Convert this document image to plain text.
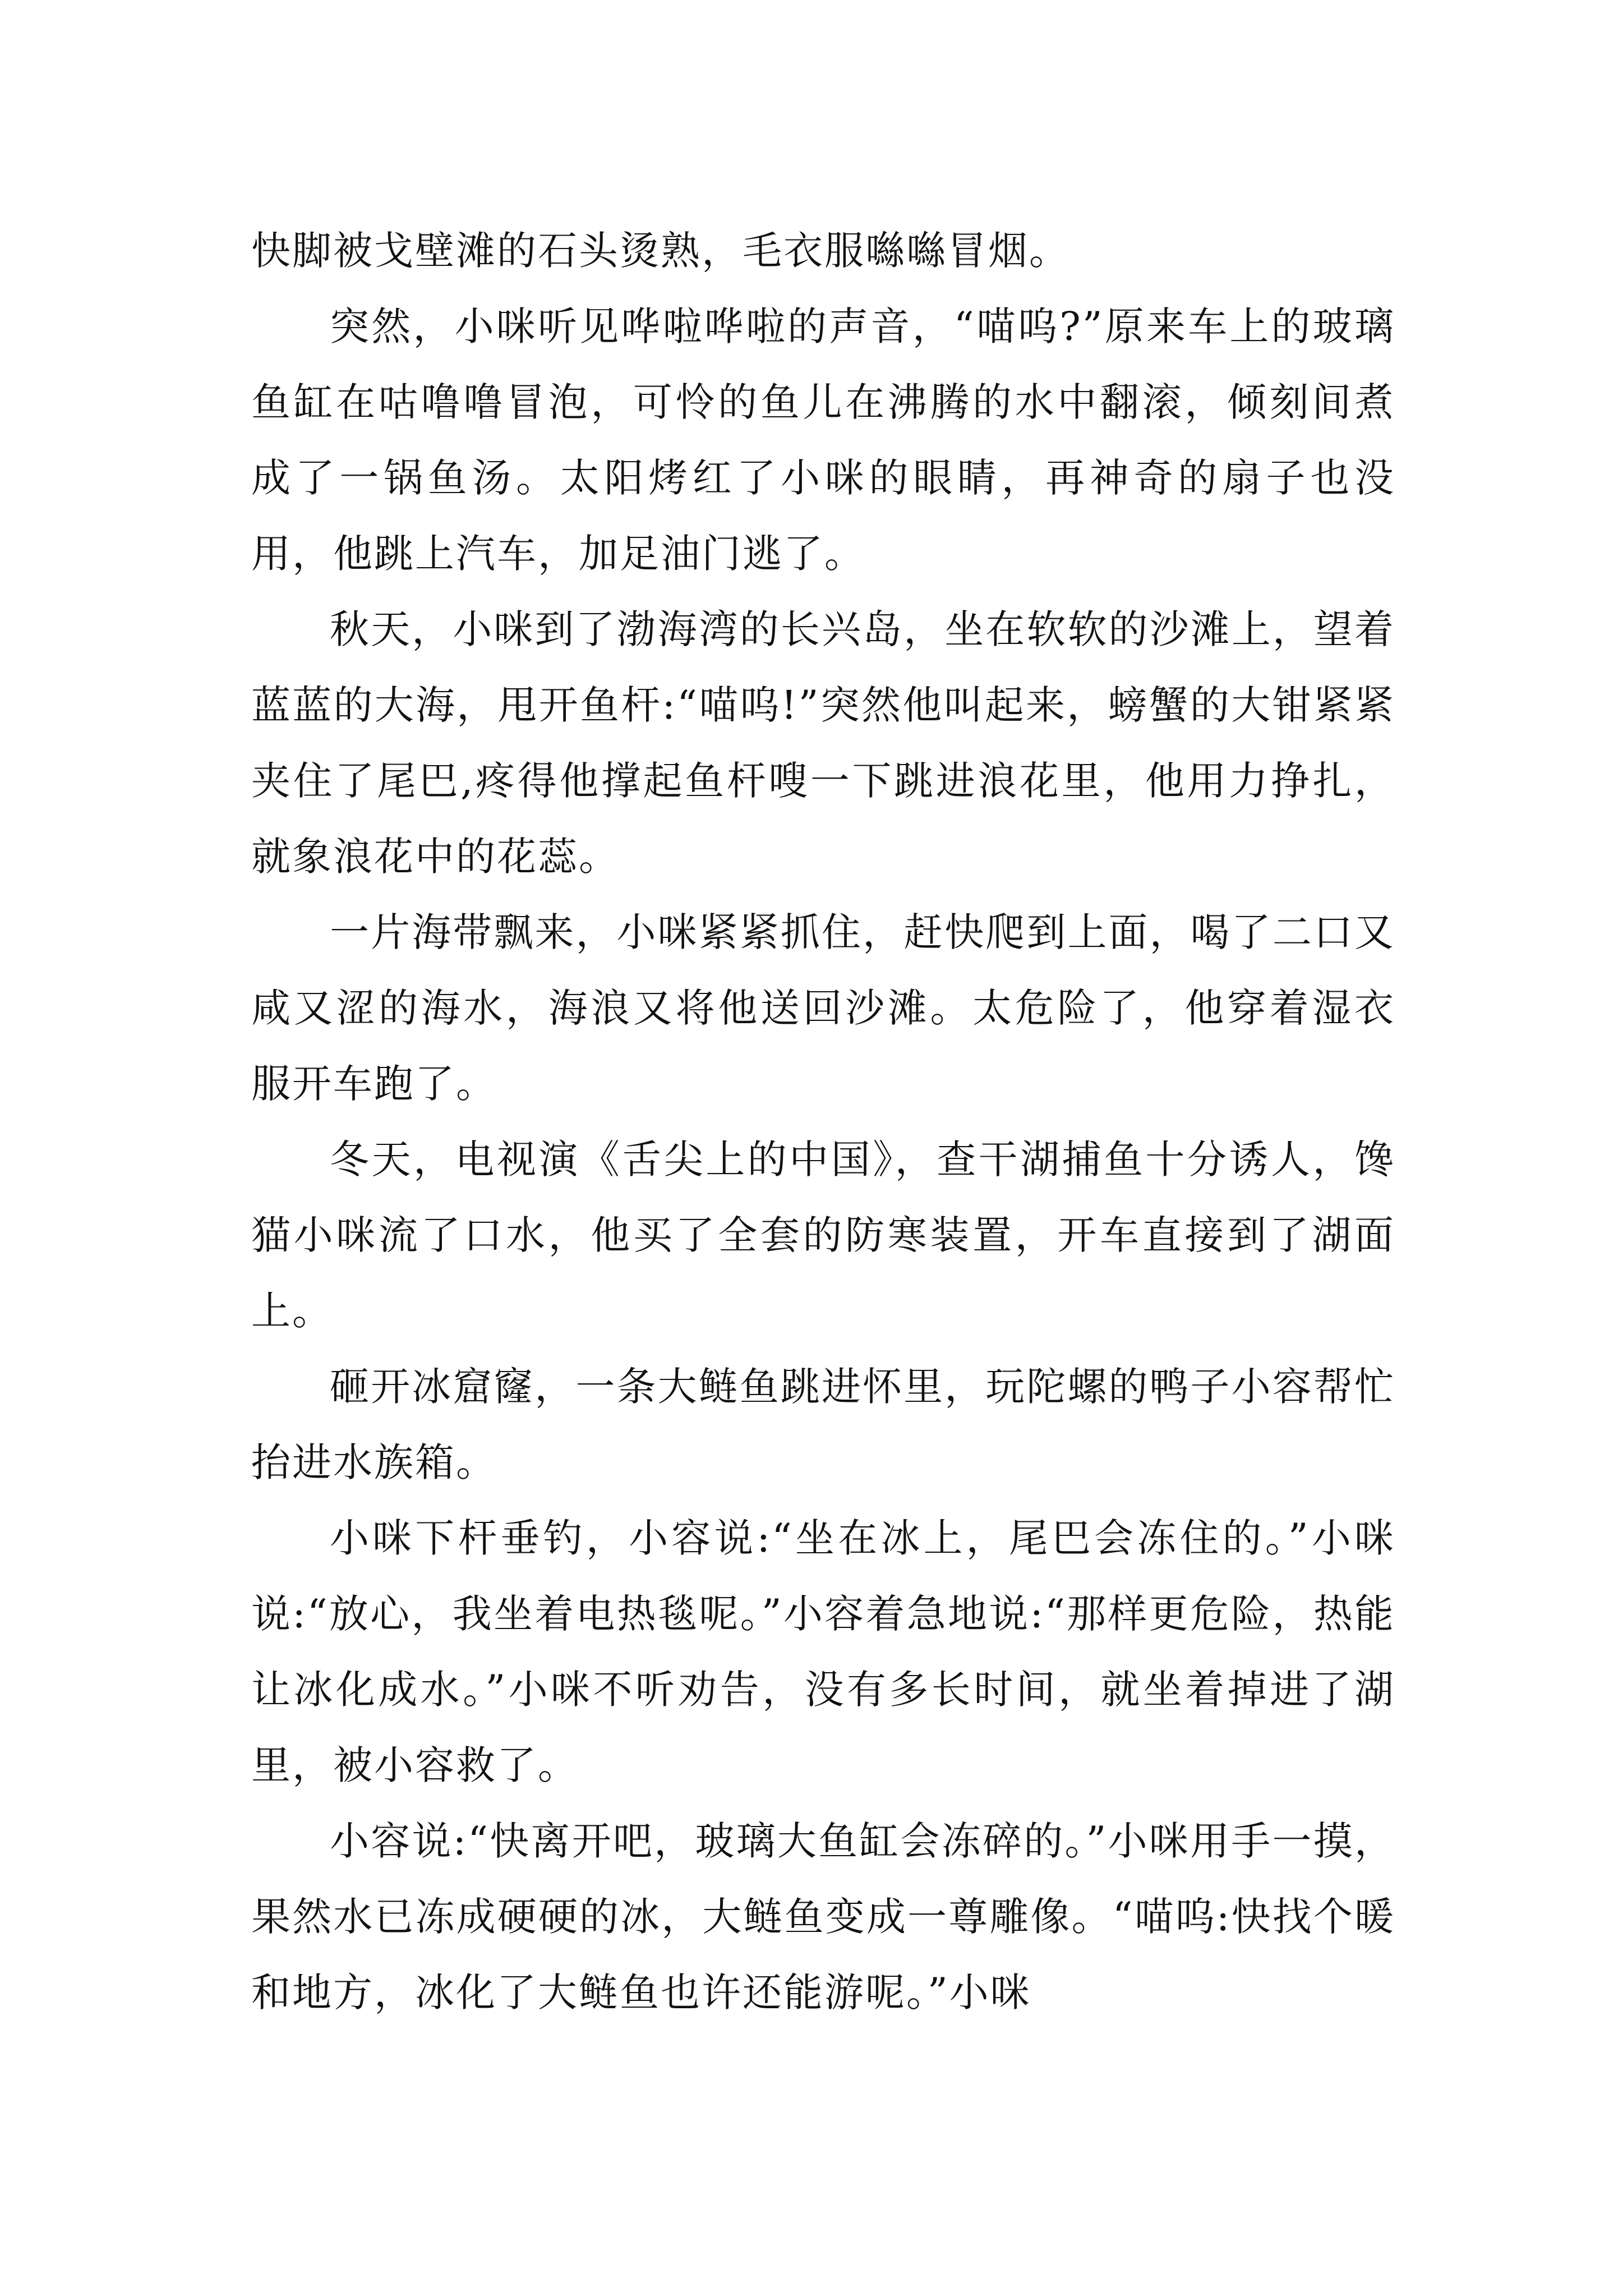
快脚被戈壁滩的石头烫熟，毛衣服噝噝冒烟。

突然，小咪听见哗啦哗啦的声音，“喵呜?”原来车上的玻璃鱼缸在咕噜噜冒泡，可怜的鱼儿在沸腾的水中翻滚，倾刻间煮成了一锅鱼汤。太阳烤红了小咪的眼睛，再神奇的扇子也没用，他跳上汽车，加足油门逃了。

秋天，小咪到了渤海湾的长兴岛，坐在软软的沙滩上，望着蓝蓝的大海，甩开鱼杆:“喵呜!”突然他叫起来，螃蟹的大钳紧紧夹住了尾巴,疼得他撑起鱼杆嗖一下跳进浪花里，他用力挣扎，就象浪花中的花蕊。

一片海带飘来，小咪紧紧抓住，赶快爬到上面，喝了二口又咸又涩的海水，海浪又将他送回沙滩。太危险了，他穿着湿衣服开车跑了。

冬天，电视演《舌尖上的中国》，查干湖捕鱼十分诱人，馋猫小咪流了口水，他买了全套的防寒装置，开车直接到了湖面上。

砸开冰窟窿，一条大鲢鱼跳进怀里，玩陀螺的鸭子小容帮忙抬进水族箱。

小咪下杆垂钓，小容说:“坐在冰上，尾巴会冻住的。”小咪说:“放心，我坐着电热毯呢。”小容着急地说:“那样更危险，热能让冰化成水。”小咪不听劝告，没有多长时间，就坐着掉进了湖里，被小容救了。

小容说:“快离开吧，玻璃大鱼缸会冻碎的。”小咪用手一摸，果然水已冻成硬硬的冰，大鲢鱼变成一尊雕像。“喵呜:快找个暖和地方，冰化了大鲢鱼也许还能游呢。”小咪
